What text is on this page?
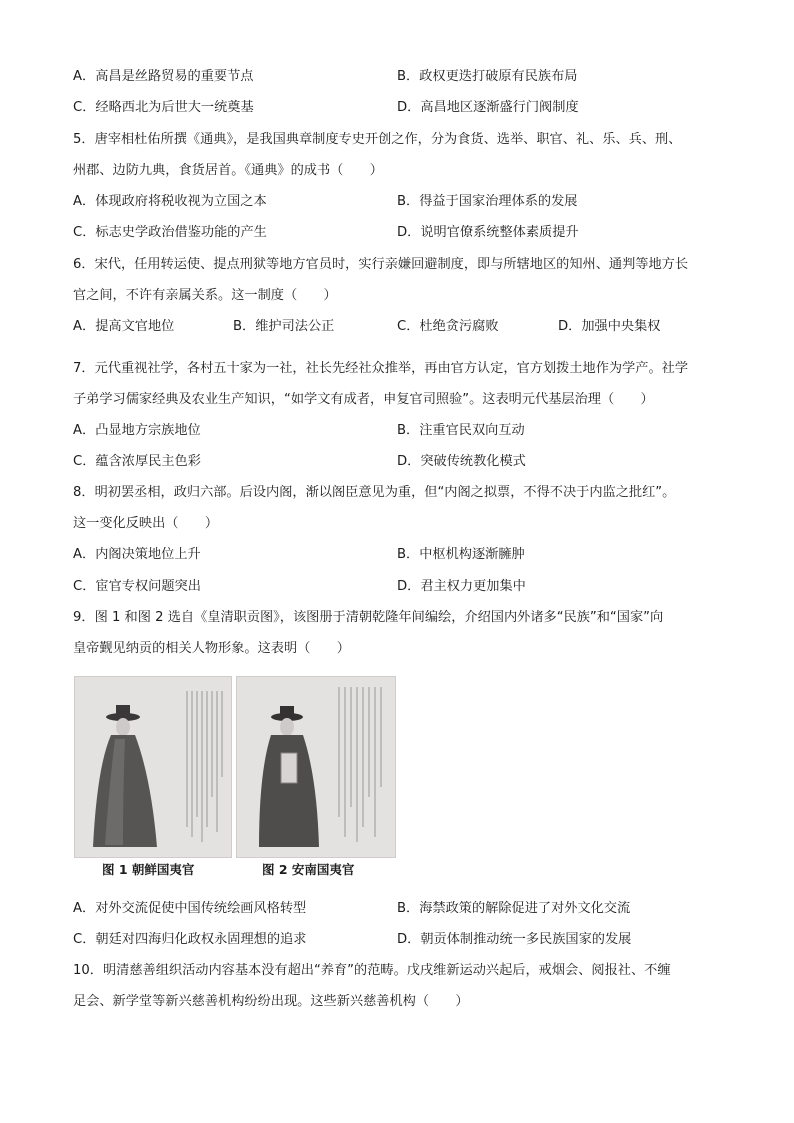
A．高昌是丝路贸易的重要节点	B．政权更迭打破原有民族布局
C．经略西北为后世大一统奠基	D．高昌地区逐渐盛行门阀制度
5．唐宰相杜佑所撰《通典》，是我国典章制度专史开创之作，分为食货、选举、职官、礼、乐、兵、刑、
州郡、边防九典，食货居首。《通典》的成书（　　）
A．体现政府将税收视为立国之本	B．得益于国家治理体系的发展
C．标志史学政治借鉴功能的产生	D．说明官僚系统整体素质提升
6．宋代，任用转运使、提点刑狱等地方官员时，实行亲嫌回避制度，即与所辖地区的知州、通判等地方长
官之间，不许有亲属关系。这一制度（　　）
A．提高文官地位	B．维护司法公正	C．杜绝贪污腐败	D．加强中央集权
7．元代重视社学，各村五十家为一社，社长先经社众推举，再由官方认定，官方划拨土地作为学产。社学
子弟学习儒家经典及农业生产知识，“如学文有成者，申复官司照验”。这表明元代基层治理（　　）
A．凸显地方宗族地位	B．注重官民双向互动
C．蕴含浓厚民主色彩	D．突破传统教化模式
8．明初罢丞相，政归六部。后设内阁，渐以阁臣意见为重，但“内阁之拟票，不得不决于内监之批红”。
这一变化反映出（　　）
A．内阁决策地位上升	B．中枢机构逐渐臃肿
C．宦官专权问题突出	D．君主权力更加集中
9．图 1 和图 2 选自《皇清职贡图》，该图册于清朝乾隆年间编绘，介绍国内外诸多“民族”和“国家”向
皇帝觐见纳贡的相关人物形象。这表明（　　）
图 1 朝鲜国夷官	图 2 安南国夷官
A．对外交流促使中国传统绘画风格转型	B．海禁政策的解除促进了对外文化交流
C．朝廷对四海归化政权永固理想的追求	D．朝贡体制推动统一多民族国家的发展
10．明清慈善组织活动内容基本没有超出“养育”的范畴。戊戌维新运动兴起后，戒烟会、阅报社、不缠
足会、新学堂等新兴慈善机构纷纷出现。这些新兴慈善机构（　　）
